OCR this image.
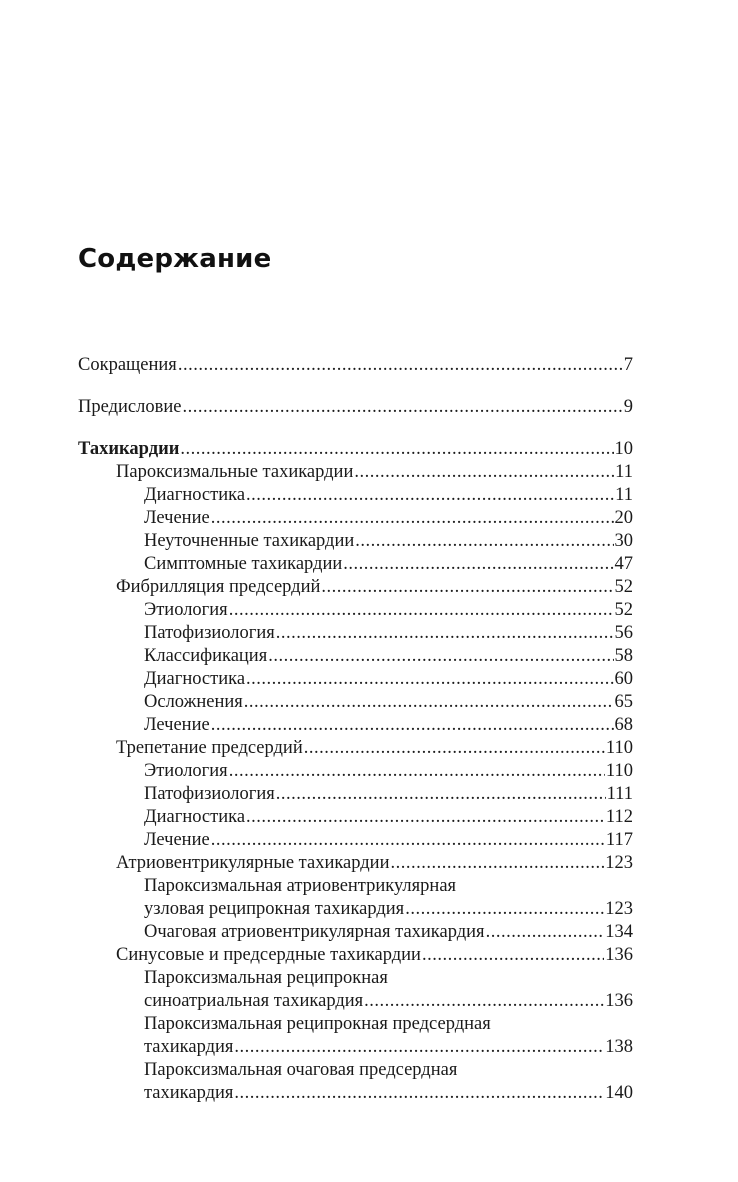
Содержание
Сокращения .....	7
Предисловие .....	9
Тахикардии .....	10
Пароксизмальные тахикардии .....	11
Диагностика .....	11
Лечение .....	20
Неуточненные тахикардии .....	30
Симптомные тахикардии .....	47
Фибрилляция предсердий .....	52
Этиология .....	52
Патофизиология .....	56
Классификация .....	58
Диагностика .....	60
Осложнения .....	65
Лечение .....	68
Трепетание предсердий .....	110
Этиология .....	110
Патофизиология .....	111
Диагностика .....	112
Лечение .....	117
Атриовентрикулярные тахикардии .....	123
Пароксизмальная атриовентрикулярная
узловая реципрокная тахикардия .....	123
Очаговая атриовентрикулярная тахикардия .....	134
Синусовые и предсердные тахикардии .....	136
Пароксизмальная реципрокная
синоатриальная тахикардия .....	136
Пароксизмальная реципрокная предсердная
тахикардия .....	138
Пароксизмальная очаговая предсердная
тахикардия .....	140
